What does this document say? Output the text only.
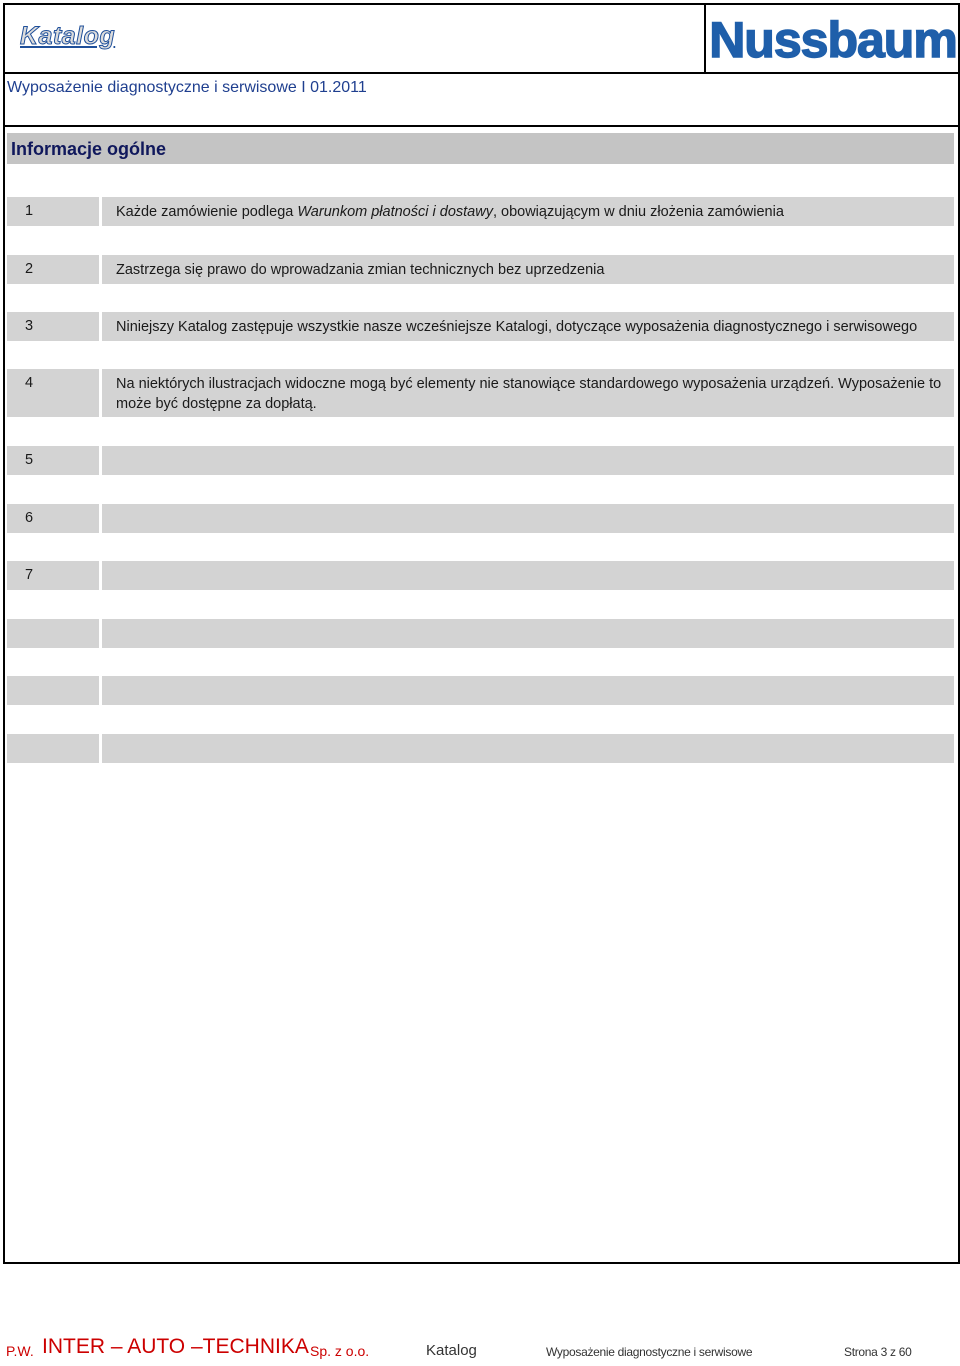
Katalog	Nussbaum
Wyposażenie diagnostyczne i serwisowe I 01.2011
Informacje ogólne
1	Każde zamówienie podlega Warunkom płatności i dostawy, obowiązującym w dniu złożenia zamówienia
2	Zastrzega się prawo do wprowadzania zmian technicznych bez uprzedzenia
3	Niniejszy Katalog zastępuje wszystkie nasze wcześniejsze Katalogi, dotyczące wyposażenia diagnostycznego i serwisowego
4	Na niektórych ilustracjach widoczne mogą być elementy nie stanowiące standardowego wyposażenia urządzeń. Wyposażenie to może być dostępne za dopłatą.
5
6
7
P.W. INTER – AUTO –TECHNIKA Sp. z o.o.	Katalog	Wyposażenie diagnostyczne i serwisowe	Strona 3 z 60
